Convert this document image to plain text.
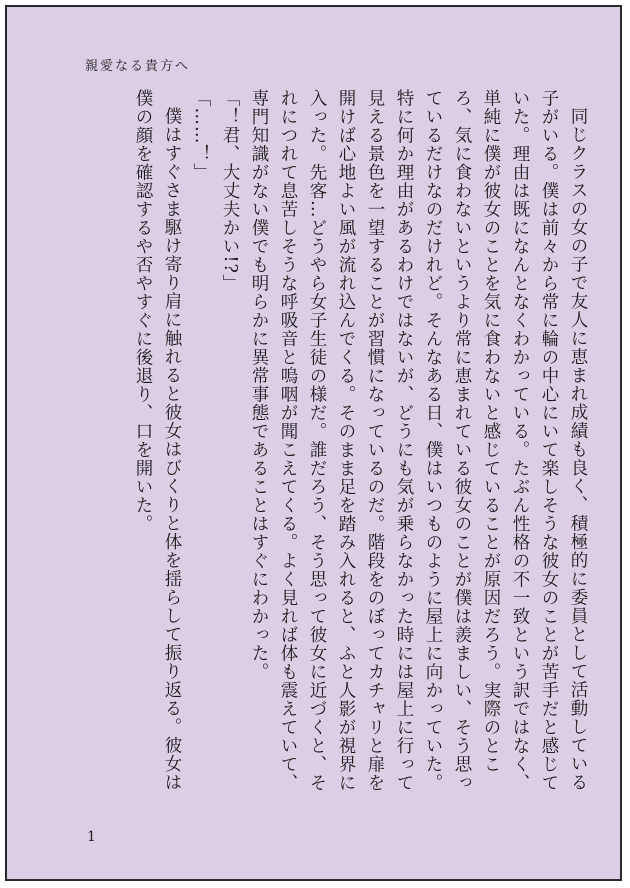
親愛なる貴方へ

同じクラスの女の子で友人に恵まれ成績も良く、積極的に委員として活動している子がいる。僕は前々から常に輪の中心にいて楽しそうな彼女のことが苦手だと感じていた。理由は既になんとなくわかっている。たぶん性格の不一致という訳ではなく、単純に僕が彼女のことを気に食わないと感じていることが原因だろう。実際のところ、気に食わないというより常に恵まれている彼女のことが僕は羨ましい、そう思っているだけなのだけれど。そんなある日、僕はいつものように屋上に向かっていた。特に何か理由があるわけではないが、どうにも気が乗らなかった時には屋上に行って見える景色を一望することが習慣になっているのだ。階段をのぼってカチャリと扉を開けば心地よい風が流れ込んでくる。そのまま足を踏み入れると、ふと人影が視界に入った。先客…どうやら女子生徒の様だ。誰だろう、そう思って彼女に近づくと、それにつれて息苦しそうな呼吸音と嗚咽が聞こえてくる。よく見れば体も震えていて、専門知識がない僕でも明らかに異常事態であることはすぐにわかった。

「！君、大丈夫かい!?」

「……！」

僕はすぐさま駆け寄り肩に触れると彼女はびくりと体を揺らして振り返る。彼女は僕の顔を確認するや否やすぐに後退り、口を開いた。

1
